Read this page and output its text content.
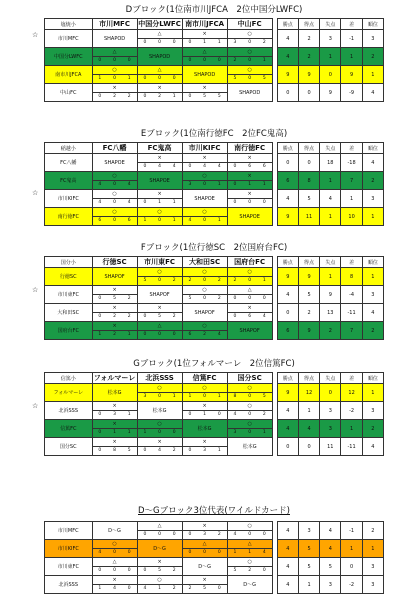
Dブロック(1位南市川JFCA　2位中国分LWFC)
☆
塩焼小	市川MFC	中国分LWFC	南市川JFCA	中山FC		勝点	得点	失点	差	順位
市川MFC	SHAPOD	△	×	○		4	2	3	-1	3

		0 0 0	0 1 1	3 0 2						

中国分LWFC	△	SHAPOD	△	○		4	2	1	1	2

	0 0 0		0 0 0	2 0 1						

南市川JFCA	○	△	SHAPOD	○		9	9	0	9	1

	1 0 1	0 0 0		5 0 5						

中山FC	×	×	×	SHAPOD		0	0	9	-9	4

	0 2 2	0 2 1	0 5 5							
Eブロック(1位南行徳FC　2位FC鬼高)
☆
稲越小	FC八幡	FC鬼高	市川KIFC	南行徳FC		勝点	得点	失点	差	順位
FC八幡	SHAPOE	×	×	×		0	0	18	-18	4

		0 4 4	0 4 4	0 6 6						

FC鬼高	○	SHAPOE	○	×		6	8	1	7	2

	4 0 4		3 0 1	0 1 1						

市川KIFC	○	×	SHAPOE	×		4	5	4	1	3

	4 0 4	0 1 1		0 0 0						

南行徳FC	○	○	○	SHAPOE		9	11	1	10	1

	6 0 6	1 0 1	4 0 1							
Fブロック(1位行徳SC　2位国府台FC)
☆
国分小	行徳SC	市川東FC	大和田SC	国府台FC		勝点	得点	失点	差	順位
行徳SC	SHAPOF	○	○	○		9	9	1	8	1

		5 0 2	2 0 2	2 0 1						

市川東FC	×	SHAPOF	○	△		4	5	9	-4	3

	0 5 2		5 0 2	0 0 0						

大和田SC	×	×	SHAPOF	×		0	2	13	-11	4

	0 2 2	0 5 2		0 6 4						

国府台FC	×	△	○	SHAPOF		6	9	2	7	2

	1 2 1	0 0 0	6 2 4							
Gブロック(1位フォルマーレ　2位信篤FC)
☆
信篤小	フォルマーレ	北浜SSS	信篤FC	国分SC		勝点	得点	失点	差	順位
フォルマーレ	松本G	○	○	○		9	12	0	12	1

		3 0 1	1 0 1	8 0 5						

北浜SSS	×	松本G	×	○		4	1	3	-2	3

	0 3 1		0 1 0	4 0 2						

信篤FC	×	○	松本G	○		4	4	3	1	2

	0 1 1	1 0 0		3 0 1						

国分SC	×	×	×	松本G		0	0	11	-11	4

	0 8 5	0 4 2	0 3 1							
D～Gブロック3位代表(ワイルドカード)
市川MFC	D～G	△	×	○		4	3	4	-1	2

		0 0 0	0 3 2	4 0 0						

市川KIFC	○	D～G	△	△		4	5	4	1	1

	4 0 0		0 0 0	1 1 4						

市川東FC	△	×	D～G	○		4	5	5	0	3

	0 0 0	0 5 2		5 2 0						

北浜SSS	×	○	×	D～G		4	1	3	-2	3

	1 4 0	4 1 2	2 5 0							
